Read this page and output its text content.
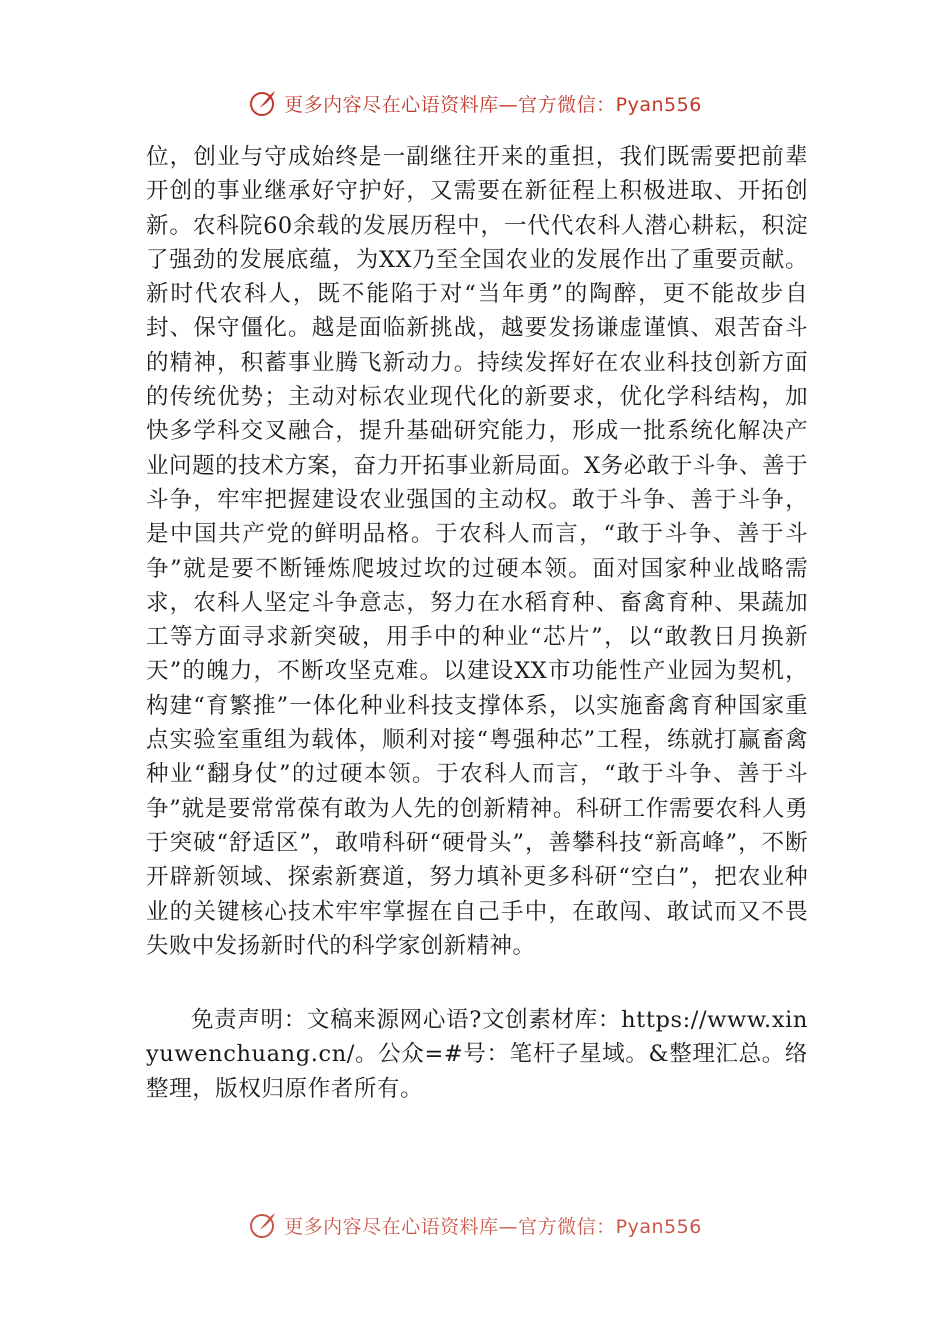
更多内容尽在心语资料库—官方微信：Pyan556

位，创业与守成始终是一副继往开来的重担，我们既需要把前辈开创的事业继承好守护好，又需要在新征程上积极进取、开拓创新。农科院60余载的发展历程中，一代代农科人潜心耕耘，积淀了强劲的发展底蕴，为XX乃至全国农业的发展作出了重要贡献。新时代农科人，既不能陷于对“当年勇”的陶醉，更不能故步自封、保守僵化。越是面临新挑战，越要发扬谦虚谨慎、艰苦奋斗的精神，积蓄事业腾飞新动力。持续发挥好在农业科技创新方面的传统优势；主动对标农业现代化的新要求，优化学科结构，加快多学科交叉融合，提升基础研究能力，形成一批系统化解决产业问题的技术方案，奋力开拓事业新局面。X务必敢于斗争、善于斗争，牢牢把握建设农业强国的主动权。敢于斗争、善于斗争，是中国共产党的鲜明品格。于农科人而言，“敢于斗争、善于斗争”就是要不断锤炼爬坡过坎的过硬本领。面对国家种业战略需求，农科人坚定斗争意志，努力在水稻育种、畜禽育种、果蔬加工等方面寻求新突破，用手中的种业“芯片”，以“敢教日月换新天”的魄力，不断攻坚克难。以建设XX市功能性产业园为契机，构建“育繁推”一体化种业科技支撑体系，以实施畜禽育种国家重点实验室重组为载体，顺利对接“粤强种芯”工程，练就打赢畜禽种业“翻身仗”的过硬本领。于农科人而言，“敢于斗争、善于斗争”就是要常常葆有敢为人先的创新精神。科研工作需要农科人勇于突破“舒适区”，敢啃科研“硬骨头”，善攀科技“新高峰”，不断开辟新领域、探索新赛道，努力填补更多科研“空白”，把农业种业的关键核心技术牢牢掌握在自己手中，在敢闯、敢试而又不畏失败中发扬新时代的科学家创新精神。

免责声明：文稿来源网心语?文创素材库：https://www.xinyuwenchuang.cn/。公众=#号：笔杆子星域。&整理汇总。络整理，版权归原作者所有。

更多内容尽在心语资料库—官方微信：Pyan556
